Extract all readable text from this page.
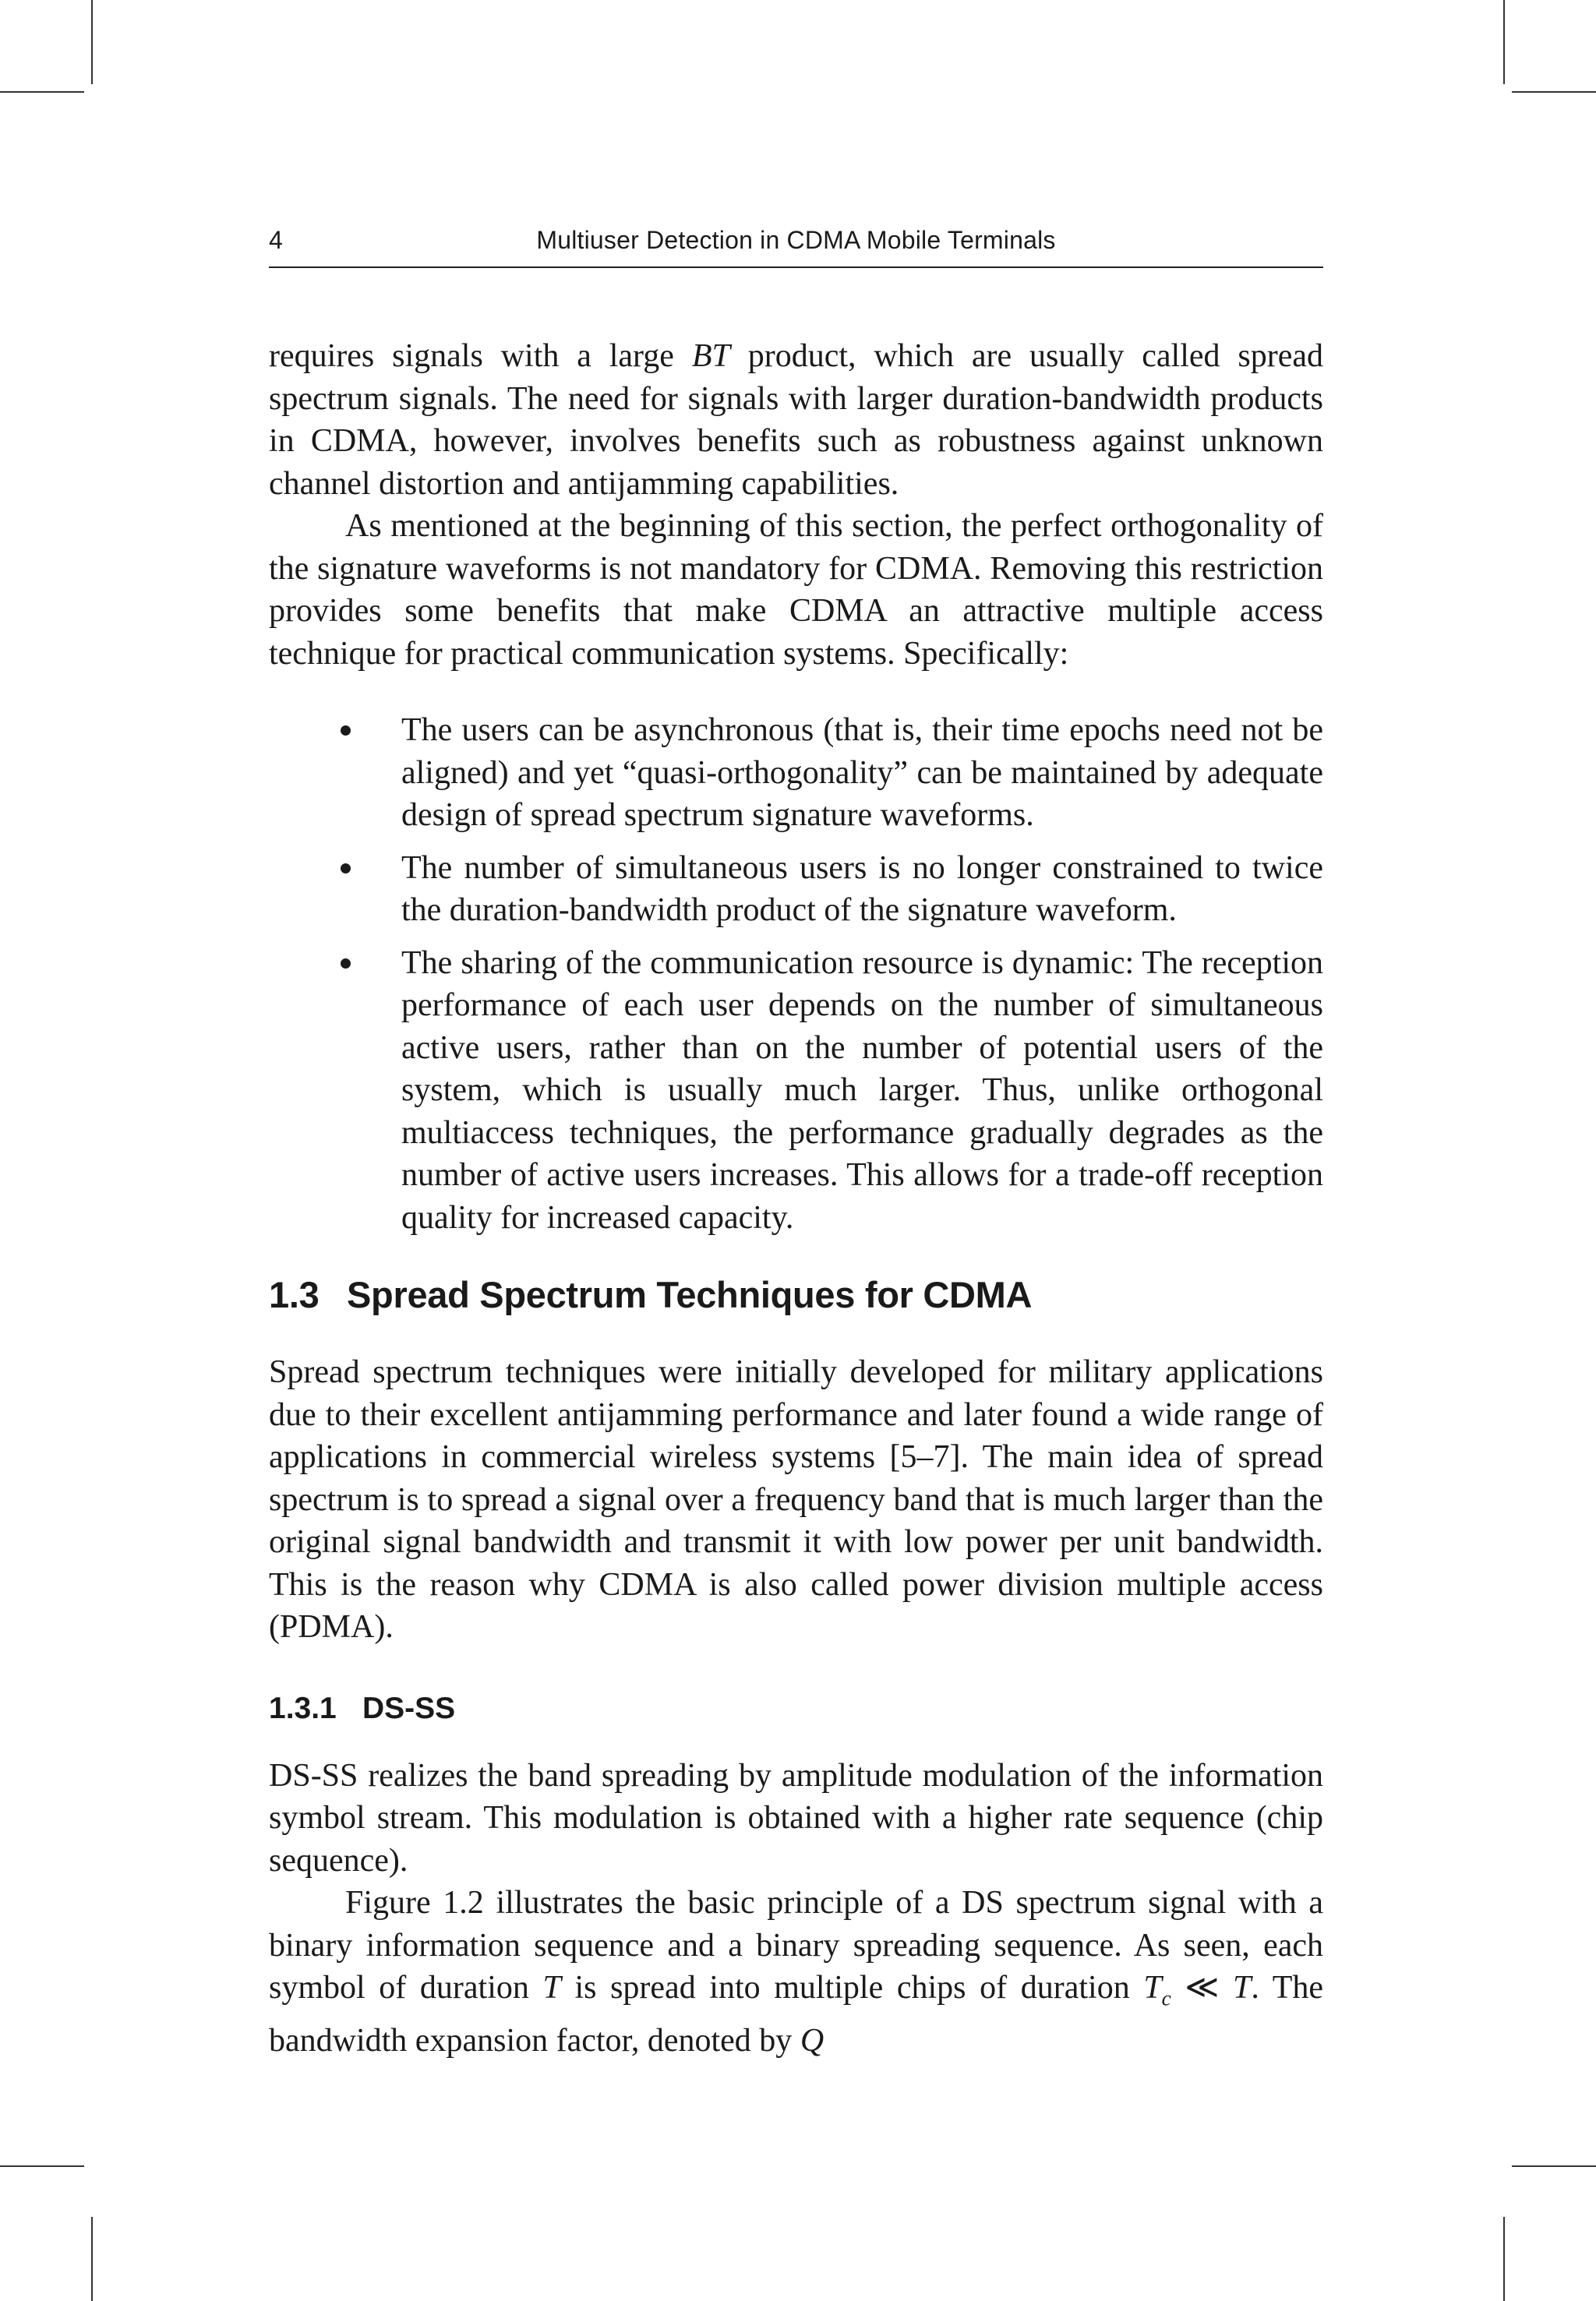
4	Multiuser Detection in CDMA Mobile Terminals

requires signals with a large BT product, which are usually called spread spectrum signals. The need for signals with larger duration-bandwidth products in CDMA, however, involves benefits such as robustness against unknown channel distortion and antijamming capabilities.

As mentioned at the beginning of this section, the perfect orthogonality of the signature waveforms is not mandatory for CDMA. Removing this restriction provides some benefits that make CDMA an attractive multiple access technique for practical communication systems. Specifically:

The users can be asynchronous (that is, their time epochs need not be aligned) and yet “quasi-orthogonality” can be maintained by adequate design of spread spectrum signature waveforms.
The number of simultaneous users is no longer constrained to twice the duration-bandwidth product of the signature waveform.
The sharing of the communication resource is dynamic: The reception performance of each user depends on the number of simultaneous active users, rather than on the number of potential users of the system, which is usually much larger. Thus, unlike orthogonal multiaccess techniques, the performance gradually degrades as the number of active users increases. This allows for a trade-off reception quality for increased capacity.
1.3 Spread Spectrum Techniques for CDMA

Spread spectrum techniques were initially developed for military applications due to their excellent antijamming performance and later found a wide range of applications in commercial wireless systems [5–7]. The main idea of spread spectrum is to spread a signal over a frequency band that is much larger than the original signal bandwidth and transmit it with low power per unit bandwidth. This is the reason why CDMA is also called power division multiple access (PDMA).

1.3.1 DS-SS

DS-SS realizes the band spreading by amplitude modulation of the information symbol stream. This modulation is obtained with a higher rate sequence (chip sequence).

Figure 1.2 illustrates the basic principle of a DS spectrum signal with a binary information sequence and a binary spreading sequence. As seen, each symbol of duration T is spread into multiple chips of duration $T_c$ ≪ T. The bandwidth expansion factor, denoted by Q
